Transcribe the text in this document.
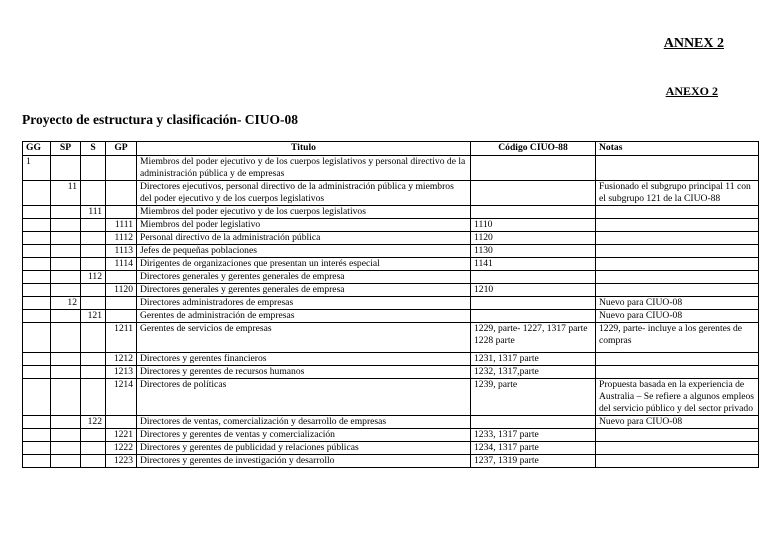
ANNEX 2
ANEXO 2
Proyecto de estructura y clasificación- CIUO-08
GG	SP	S	GP	Titulo	Código CIUO-88	Notas
1				Miembros del poder ejecutivo y de los cuerpos legislativos y personal directivo de la administración pública y de empresas		
	11			Directores ejecutivos, personal directivo de la administración pública y miembros del poder ejecutivo y de los cuerpos legislativos		Fusionado el subgrupo principal 11 con el subgrupo 121 de la CIUO-88
		111		Miembros del poder ejecutivo y de los cuerpos legislativos		
			1111	Miembros del poder legislativo	1110	
			1112	Personal directivo de la administración pública	1120	
			1113	Jefes de pequeñas poblaciones	1130	
			1114	Dirigentes de organizaciones que presentan un interés especial	1141	
		112		Directores generales y gerentes generales de empresa		
			1120	Directores generales y gerentes generales de empresa	1210	
	12			Directores administradores de empresas		Nuevo para CIUO-08
		121		Gerentes de administración de empresas		Nuevo para CIUO-08
			1211	Gerentes de servicios de empresas	1229, parte- 1227, 1317 parte 1228 parte	1229, parte- incluye a los gerentes de compras
			1212	Directores y gerentes financieros	1231, 1317 parte	
			1213	Directores y gerentes de recursos humanos	1232, 1317,parte	
			1214	Directores de políticas	1239, parte	Propuesta basada en la experiencia de Australia – Se refiere a algunos empleos del servicio público y del sector privado
		122		Directores de ventas, comercialización y desarrollo de empresas		Nuevo para CIUO-08
			1221	Directores y gerentes de ventas y comercialización	1233, 1317 parte	
			1222	Directores y gerentes de publicidad y relaciones públicas	1234, 1317 parte	
			1223	Directores y gerentes de investigación y desarrollo	1237, 1319 parte	
